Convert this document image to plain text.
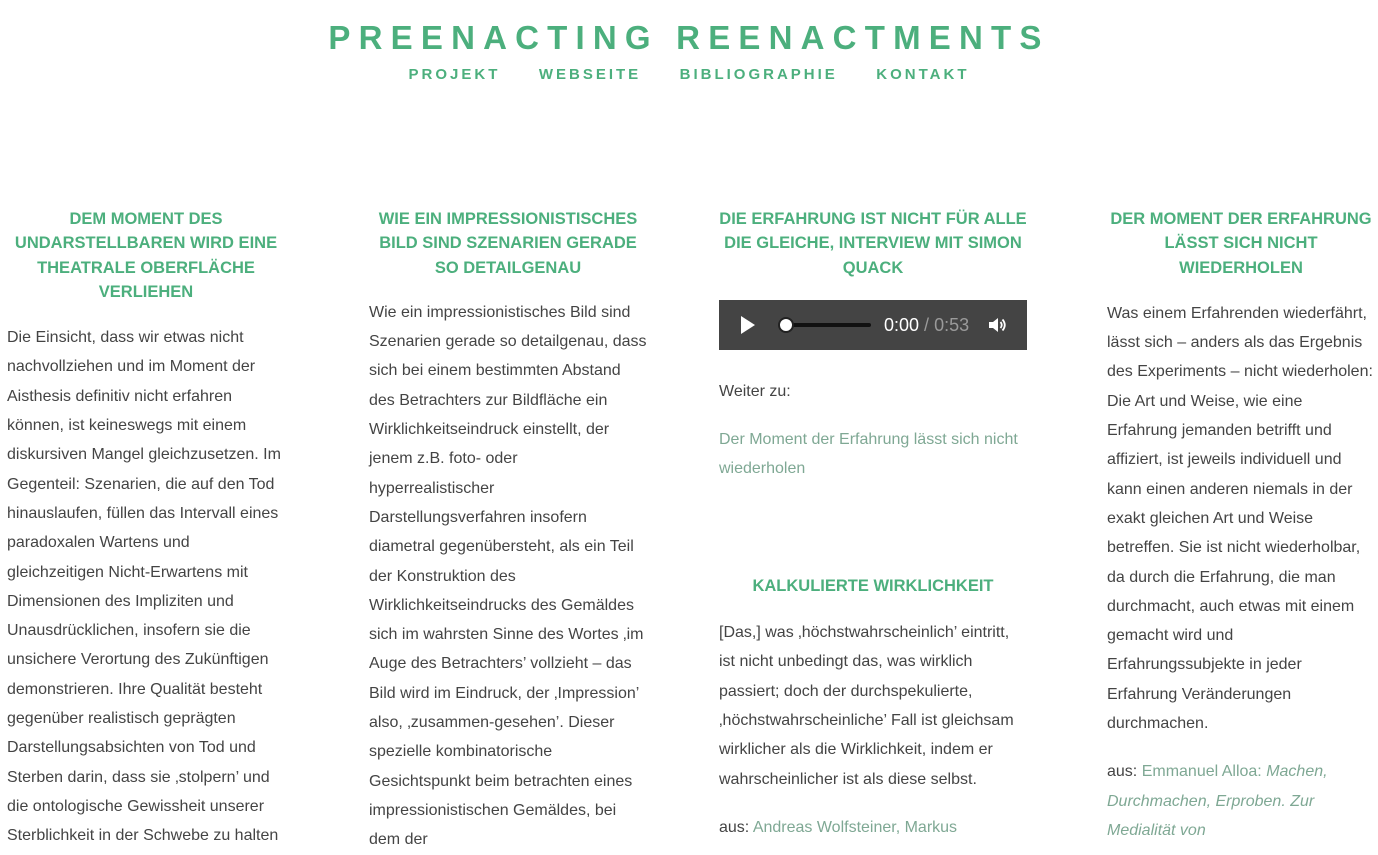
PREENACTING REENACTMENTS
PROJEKT	WEBSEITE	BIBLIOGRAPHIE	KONTAKT
DEM MOMENT DES UNDARSTELLBAREN WIRD EINE THEATRALE OBERFLÄCHE VERLIEHEN

Die Einsicht, dass wir etwas nicht nachvollziehen und im Moment der Aisthesis definitiv nicht erfahren können, ist keineswegs mit einem diskursiven Mangel gleichzusetzen. Im Gegenteil: Szenarien, die auf den Tod hinauslaufen, füllen das Intervall eines paradoxalen Wartens und gleichzeitigen Nicht-Erwartens mit Dimensionen des Impliziten und Unausdrücklichen, insofern sie die unsichere Verortung des Zukünftigen demonstrieren. Ihre Qualität besteht gegenüber realistisch geprägten Darstellungsabsichten von Tod und Sterben darin, dass sie ‚stolpern’ und die ontologische Gewissheit unserer Sterblichkeit in der Schwebe zu halten

WIE EIN IMPRESSIONISTISCHES BILD SIND SZENARIEN GERADE SO DETAILGENAU

Wie ein impressionistisches Bild sind Szenarien gerade so detailgenau, dass sich bei einem bestimmten Abstand des Betrachters zur Bildfläche ein Wirklichkeitseindruck einstellt, der jenem z.B. foto- oder hyperrealistischer Darstellungsverfahren insofern diametral gegenübersteht, als ein Teil der Konstruktion des Wirklichkeitseindrucks des Gemäldes sich im wahrsten Sinne des Wortes ‚im Auge des Betrachters’ vollzieht – das Bild wird im Eindruck, der ‚Impression’ also, ‚zusammen-gesehen’. Dieser spezielle kombinatorische Gesichtspunkt beim betrachten eines impressionistischen Gemäldes, bei dem der

DIE ERFAHRUNG IST NICHT FÜR ALLE DIE GLEICHE, INTERVIEW MIT SIMON QUACK
0:00 / 0:53

Weiter zu:

Der Moment der Erfahrung lässt sich nicht wiederholen

KALKULIERTE WIRKLICHKEIT

[Das,] was ‚höchstwahrscheinlich’ eintritt, ist nicht unbedingt das, was wirklich passiert; doch der durchspekulierte, ‚höchstwahrscheinliche’ Fall ist gleichsam wirklicher als die Wirklichkeit, indem er wahrscheinlicher ist als diese selbst.

aus: Andreas Wolfsteiner, Markus

DER MOMENT DER ERFAHRUNG LÄSST SICH NICHT WIEDERHOLEN

Was einem Erfahrenden wiederfährt, lässt sich – anders als das Ergebnis des Experiments – nicht wiederholen: Die Art und Weise, wie eine Erfahrung jemanden betrifft und affiziert, ist jeweils individuell und kann einen anderen niemals in der exakt gleichen Art und Weise betreffen. Sie ist nicht wiederholbar, da durch die Erfahrung, die man durchmacht, auch etwas mit einem gemacht wird und Erfahrungssubjekte in jeder Erfahrung Veränderungen durchmachen.

aus: Emmanuel Alloa: Machen, Durchmachen, Erproben. Zur Medialität von
